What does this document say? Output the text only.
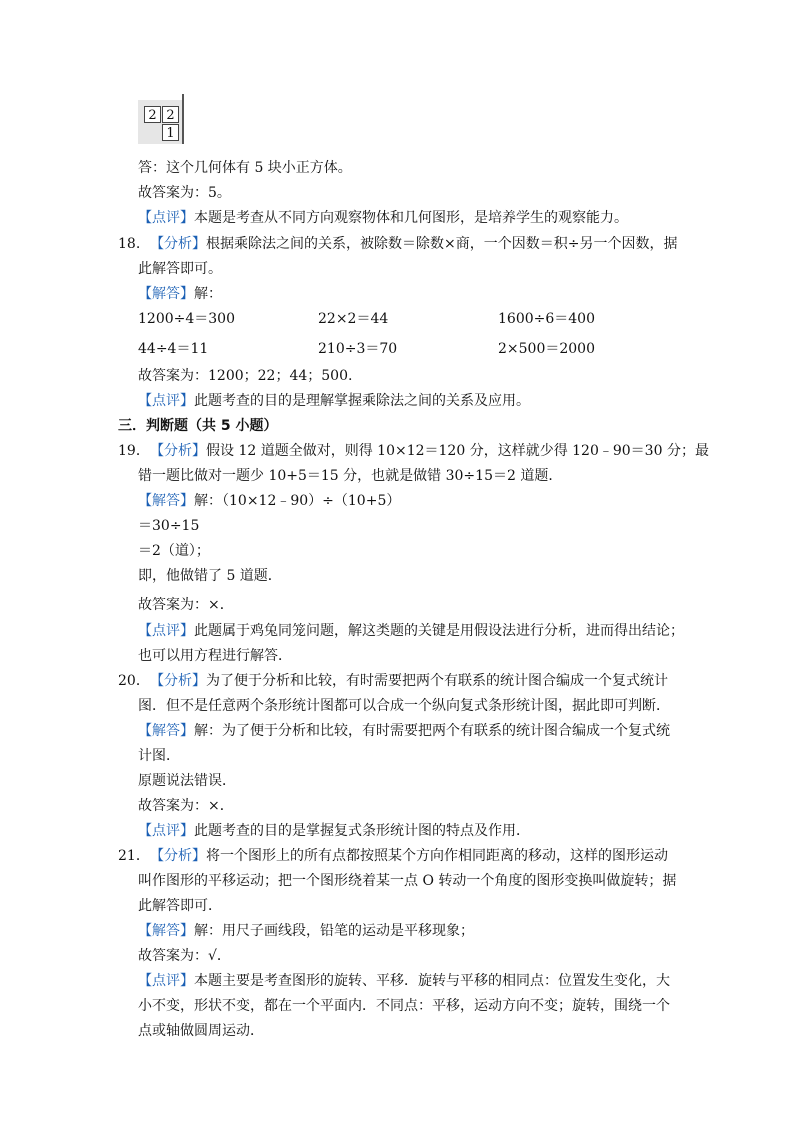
2 2
1
答：这个几何体有 5 块小正方体。
故答案为：5。
【点评】本题是考查从不同方向观察物体和几何图形，是培养学生的观察能力。
18. 【分析】根据乘除法之间的关系，被除数＝除数×商，一个因数＝积÷另一个因数，据
此解答即可。
【解答】解：
1200÷4＝300	22×2＝44	1600÷6＝400
44÷4＝11	210÷3＝70	2×500＝2000
故答案为：1200；22；44；500.
【点评】此题考查的目的是理解掌握乘除法之间的关系及应用。
三．判断题（共 5 小题）
19． 【分析】假设 12 道题全做对，则得 10×12＝120 分，这样就少得 120﹣90＝30 分；最
错一题比做对一题少 10+5＝15 分，也就是做错 30÷15＝2 道题．
【解答】解：（10×12﹣90）÷（10+5）
＝30÷15
＝2（道）；
即，他做错了 5 道题．
故答案为：×．
【点评】此题属于鸡兔同笼问题，解这类题的关键是用假设法进行分析，进而得出结论；
也可以用方程进行解答．
20． 【分析】为了便于分析和比较，有时需要把两个有联系的统计图合编成一个复式统计
图．但不是任意两个条形统计图都可以合成一个纵向复式条形统计图，据此即可判断．
【解答】解：为了便于分析和比较，有时需要把两个有联系的统计图合编成一个复式统
计图．
原题说法错误．
故答案为：×．
【点评】此题考查的目的是掌握复式条形统计图的特点及作用．
21． 【分析】将一个图形上的所有点都按照某个方向作相同距离的移动，这样的图形运动
叫作图形的平移运动；把一个图形绕着某一点 O 转动一个角度的图形变换叫做旋转；据
此解答即可．
【解答】解：用尺子画线段，铅笔的运动是平移现象；
故答案为：√．
【点评】本题主要是考查图形的旋转、平移．旋转与平移的相同点：位置发生变化，大
小不变，形状不变，都在一个平面内．不同点：平移，运动方向不变；旋转，围绕一个
点或轴做圆周运动．
